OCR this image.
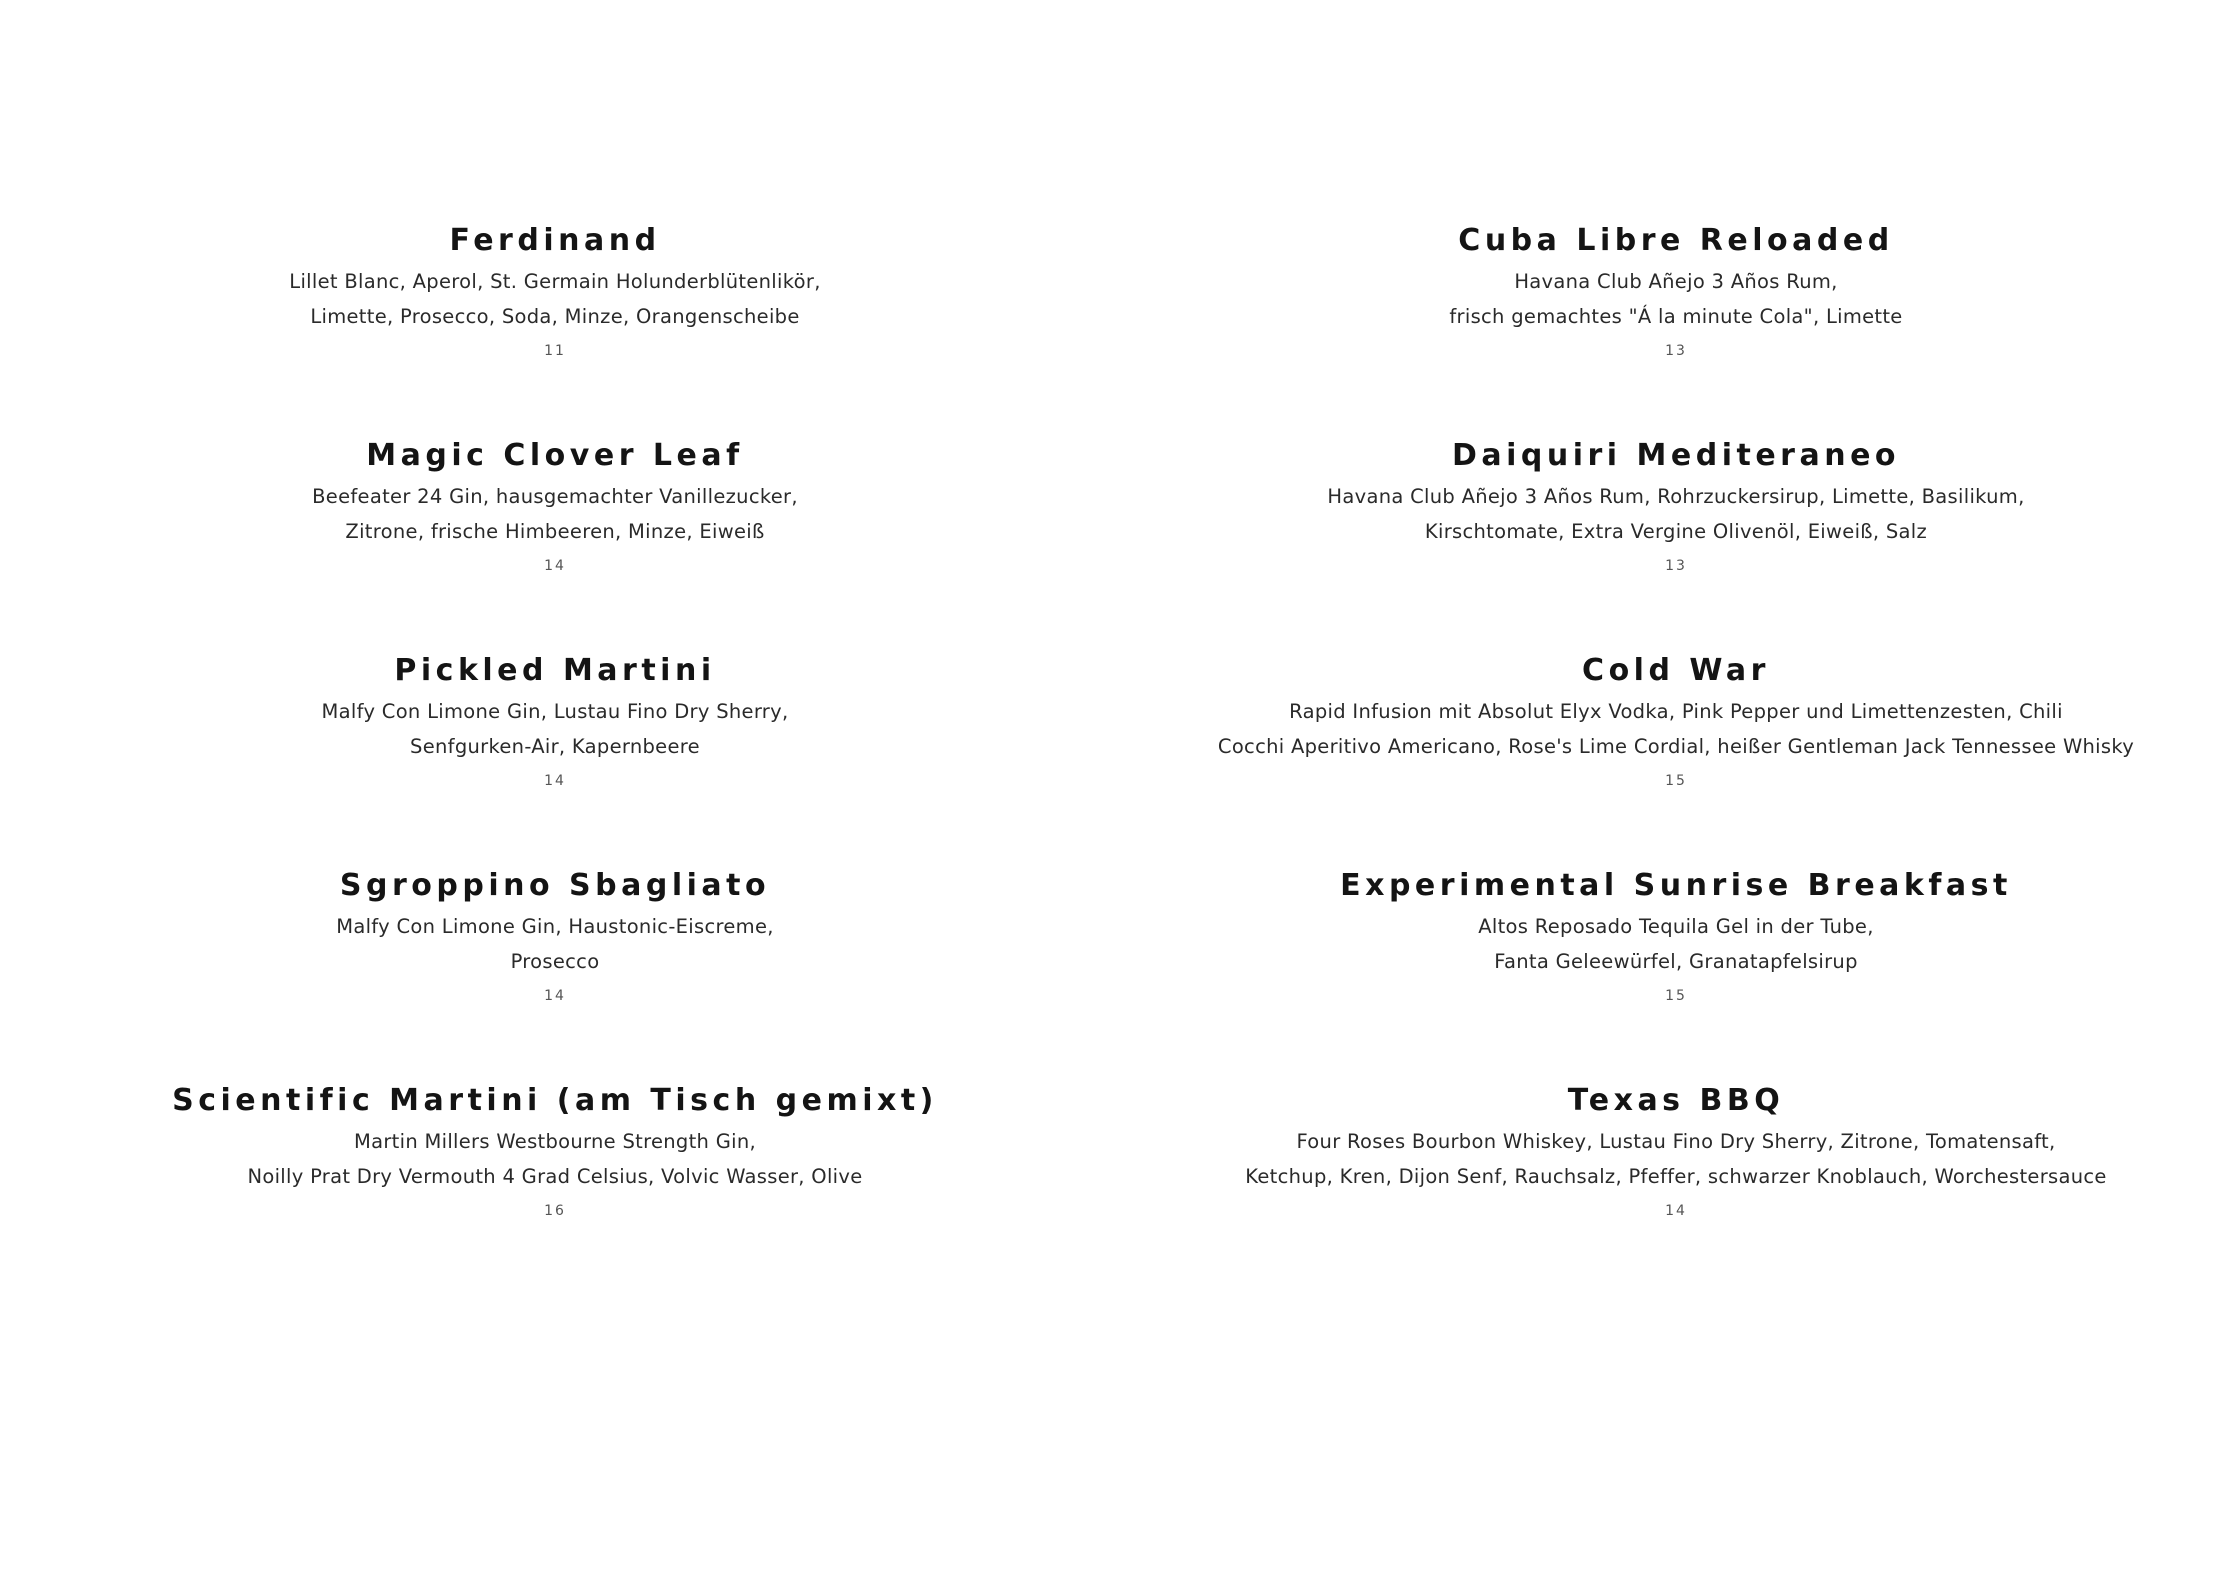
Ferdinand
Lillet Blanc, Aperol, St. Germain Holunderblütenlikör,
Limette, Prosecco, Soda, Minze, Orangenscheibe
11
Magic Clover Leaf
Beefeater 24 Gin, hausgemachter Vanillezucker,
Zitrone, frische Himbeeren, Minze, Eiweiß
14
Pickled Martini
Malfy Con Limone Gin, Lustau Fino Dry Sherry,
Senfgurken-Air, Kapernbeere
14
Sgroppino Sbagliato
Malfy Con Limone Gin, Haustonic-Eiscreme,
Prosecco
14
Scientific Martini (am Tisch gemixt)
Martin Millers Westbourne Strength Gin,
Noilly Prat Dry Vermouth 4 Grad Celsius, Volvic Wasser, Olive
16
Cuba Libre Reloaded
Havana Club Añejo 3 Años Rum,
frisch gemachtes "Á la minute Cola", Limette
13
Daiquiri Mediteraneo
Havana Club Añejo 3 Años Rum, Rohrzuckersirup, Limette, Basilikum,
Kirschtomate, Extra Vergine Olivenöl, Eiweiß, Salz
13
Cold War
Rapid Infusion mit Absolut Elyx Vodka, Pink Pepper und Limettenzesten, Chili
Cocchi Aperitivo Americano, Rose's Lime Cordial, heißer Gentleman Jack Tennessee Whisky
15
Experimental Sunrise Breakfast
Altos Reposado Tequila Gel in der Tube,
Fanta Geleewürfel, Granatapfelsirup
15
Texas BBQ
Four Roses Bourbon Whiskey, Lustau Fino Dry Sherry, Zitrone, Tomatensaft,
Ketchup, Kren, Dijon Senf, Rauchsalz, Pfeffer, schwarzer Knoblauch, Worchestersauce
14
